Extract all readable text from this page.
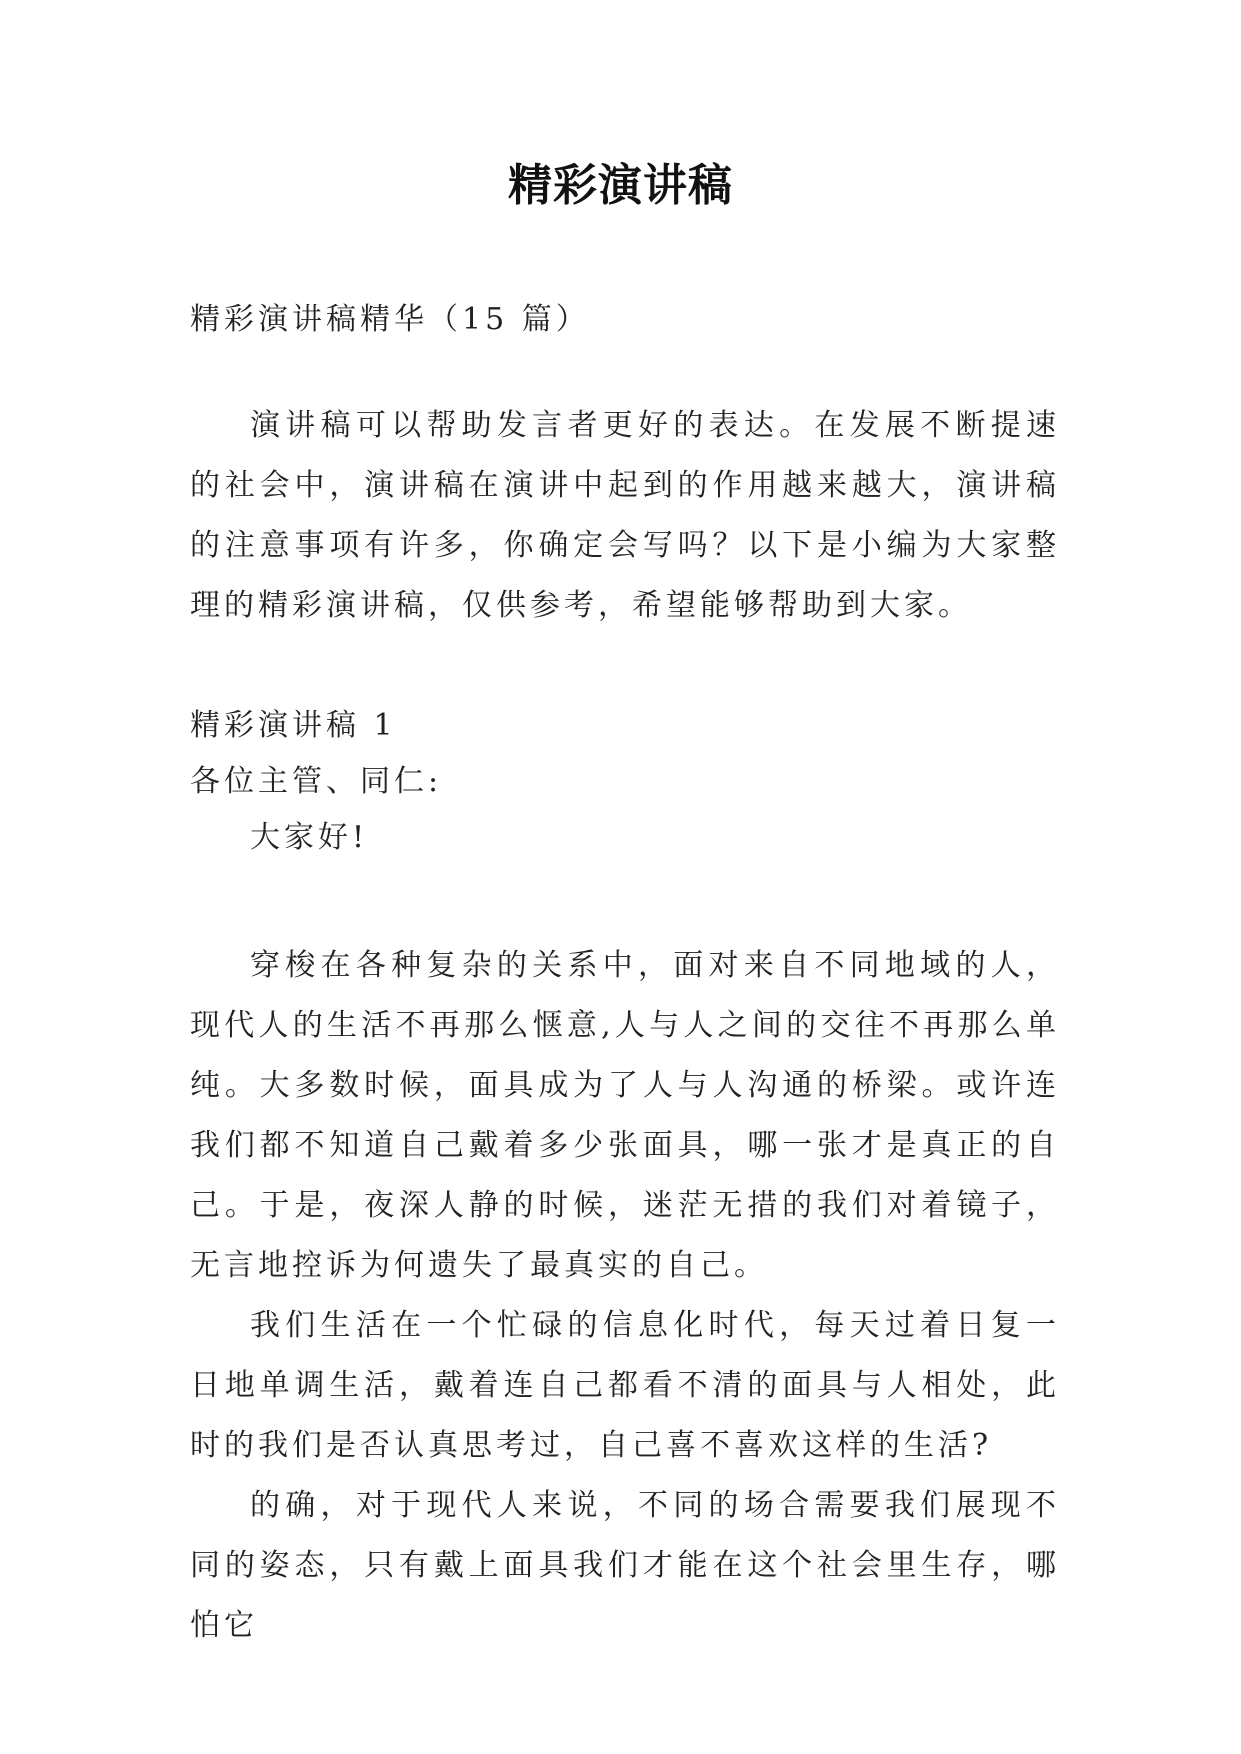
精彩演讲稿

精彩演讲稿精华（15 篇）

演讲稿可以帮助发言者更好的表达。在发展不断提速的社会中，演讲稿在演讲中起到的作用越来越大，演讲稿的注意事项有许多，你确定会写吗？以下是小编为大家整理的精彩演讲稿，仅供参考，希望能够帮助到大家。

精彩演讲稿 1

各位主管、同仁:

大家好!

穿梭在各种复杂的关系中，面对来自不同地域的人，现代人的生活不再那么惬意,人与人之间的交往不再那么单纯。大多数时候，面具成为了人与人沟通的桥梁。或许连我们都不知道自己戴着多少张面具，哪一张才是真正的自己。于是，夜深人静的时候，迷茫无措的我们对着镜子，无言地控诉为何遗失了最真实的自己。

我们生活在一个忙碌的信息化时代，每天过着日复一日地单调生活，戴着连自己都看不清的面具与人相处，此时的我们是否认真思考过，自己喜不喜欢这样的生活?

的确，对于现代人来说，不同的场合需要我们展现不同的姿态，只有戴上面具我们才能在这个社会里生存，哪怕它
